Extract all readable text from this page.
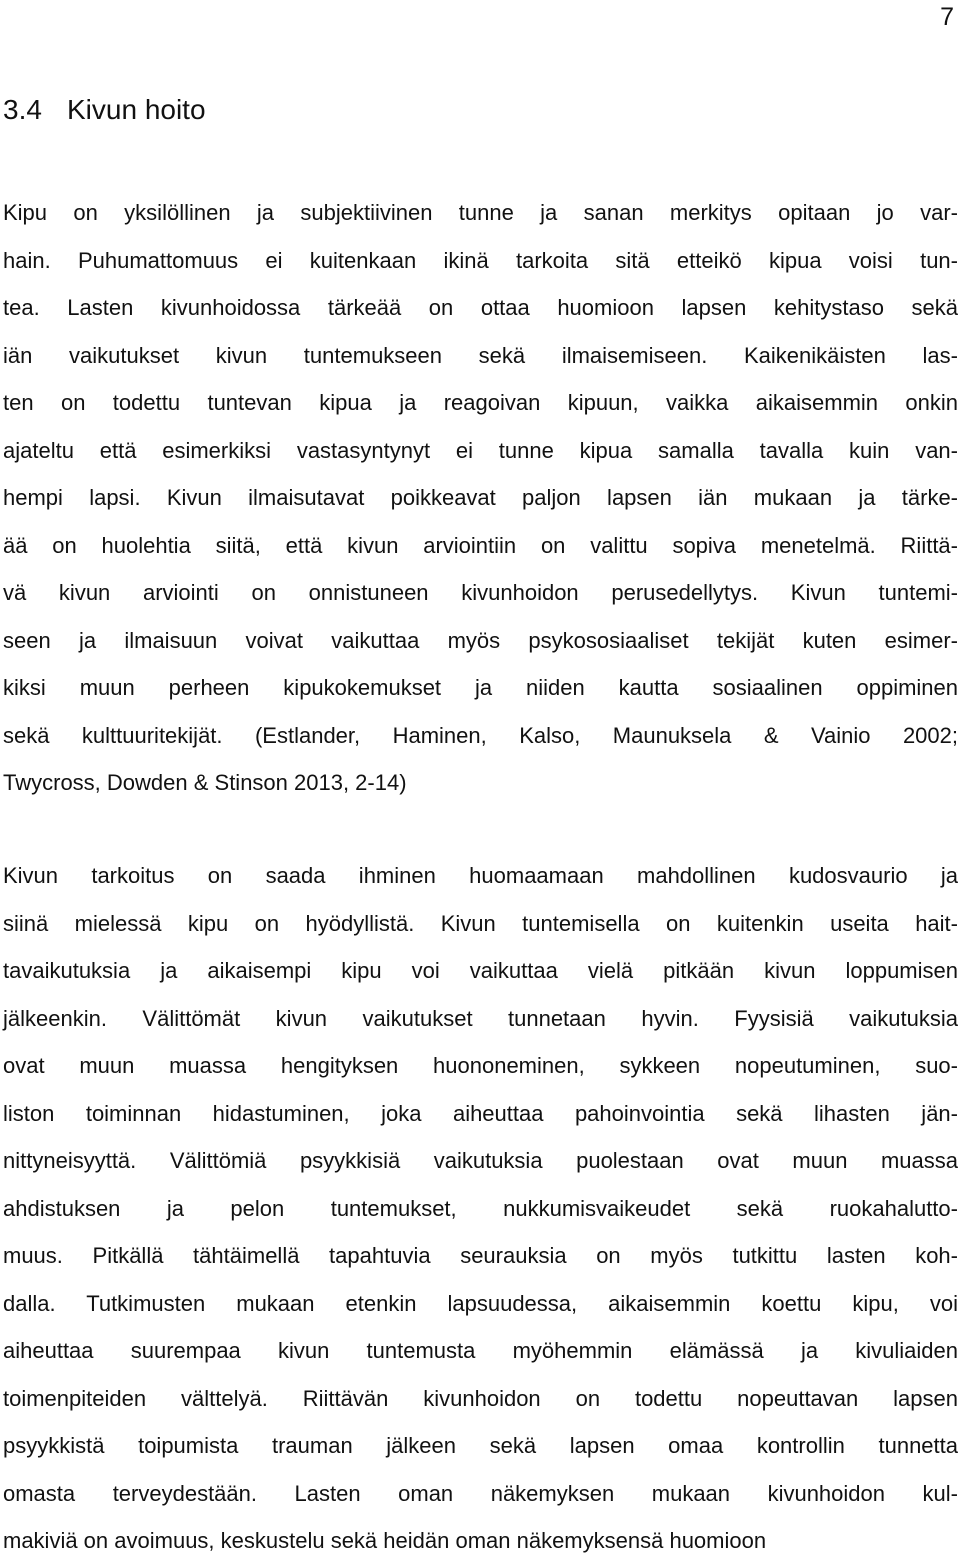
7
3.4 Kivun hoito
Kipu on yksilöllinen ja subjektiivinen tunne ja sanan merkitys opitaan jo var-
hain. Puhumattomuus ei kuitenkaan ikinä tarkoita sitä etteikö kipua voisi tun-
tea. Lasten kivunhoidossa tärkeää on ottaa huomioon lapsen kehitystaso sekä
iän vaikutukset kivun tuntemukseen sekä ilmaisemiseen. Kaikenikäisten las-
ten on todettu tuntevan kipua ja reagoivan kipuun, vaikka aikaisemmin onkin
ajateltu että esimerkiksi vastasyntynyt ei tunne kipua samalla tavalla kuin van-
hempi lapsi. Kivun ilmaisutavat poikkeavat paljon lapsen iän mukaan ja tärke-
ää on huolehtia siitä, että kivun arviointiin on valittu sopiva menetelmä. Riittä-
vä kivun arviointi on onnistuneen kivunhoidon perusedellytys. Kivun tuntemi-
seen ja ilmaisuun voivat vaikuttaa myös psykososiaaliset tekijät kuten esimer-
kiksi muun perheen kipukokemukset ja niiden kautta sosiaalinen oppiminen
sekä kulttuuritekijät. (Estlander, Haminen, Kalso, Maunuksela & Vainio 2002;
Twycross, Dowden & Stinson 2013, 2-14)
Kivun tarkoitus on saada ihminen huomaamaan mahdollinen kudosvaurio ja
siinä mielessä kipu on hyödyllistä. Kivun tuntemisella on kuitenkin useita hait-
tavaikutuksia ja aikaisempi kipu voi vaikuttaa vielä pitkään kivun loppumisen
jälkeenkin. Välittömät kivun vaikutukset tunnetaan hyvin. Fyysisiä vaikutuksia
ovat muun muassa hengityksen huononeminen, sykkeen nopeutuminen, suo-
liston toiminnan hidastuminen, joka aiheuttaa pahoinvointia sekä lihasten jän-
nittyneisyyttä. Välittömiä psyykkisiä vaikutuksia puolestaan ovat muun muassa
ahdistuksen ja pelon tuntemukset, nukkumisvaikeudet sekä ruokahalutto-
muus. Pitkällä tähtäimellä tapahtuvia seurauksia on myös tutkittu lasten koh-
dalla. Tutkimusten mukaan etenkin lapsuudessa, aikaisemmin koettu kipu, voi
aiheuttaa suurempaa kivun tuntemusta myöhemmin elämässä ja kivuliaiden
toimenpiteiden välttelyä. Riittävän kivunhoidon on todettu nopeuttavan lapsen
psyykkistä toipumista trauman jälkeen sekä lapsen omaa kontrollin tunnetta
omasta terveydestään. Lasten oman näkemyksen mukaan kivunhoidon kul-
makiviä on avoimuus, keskustelu sekä heidän oman näkemyksensä huomioon
